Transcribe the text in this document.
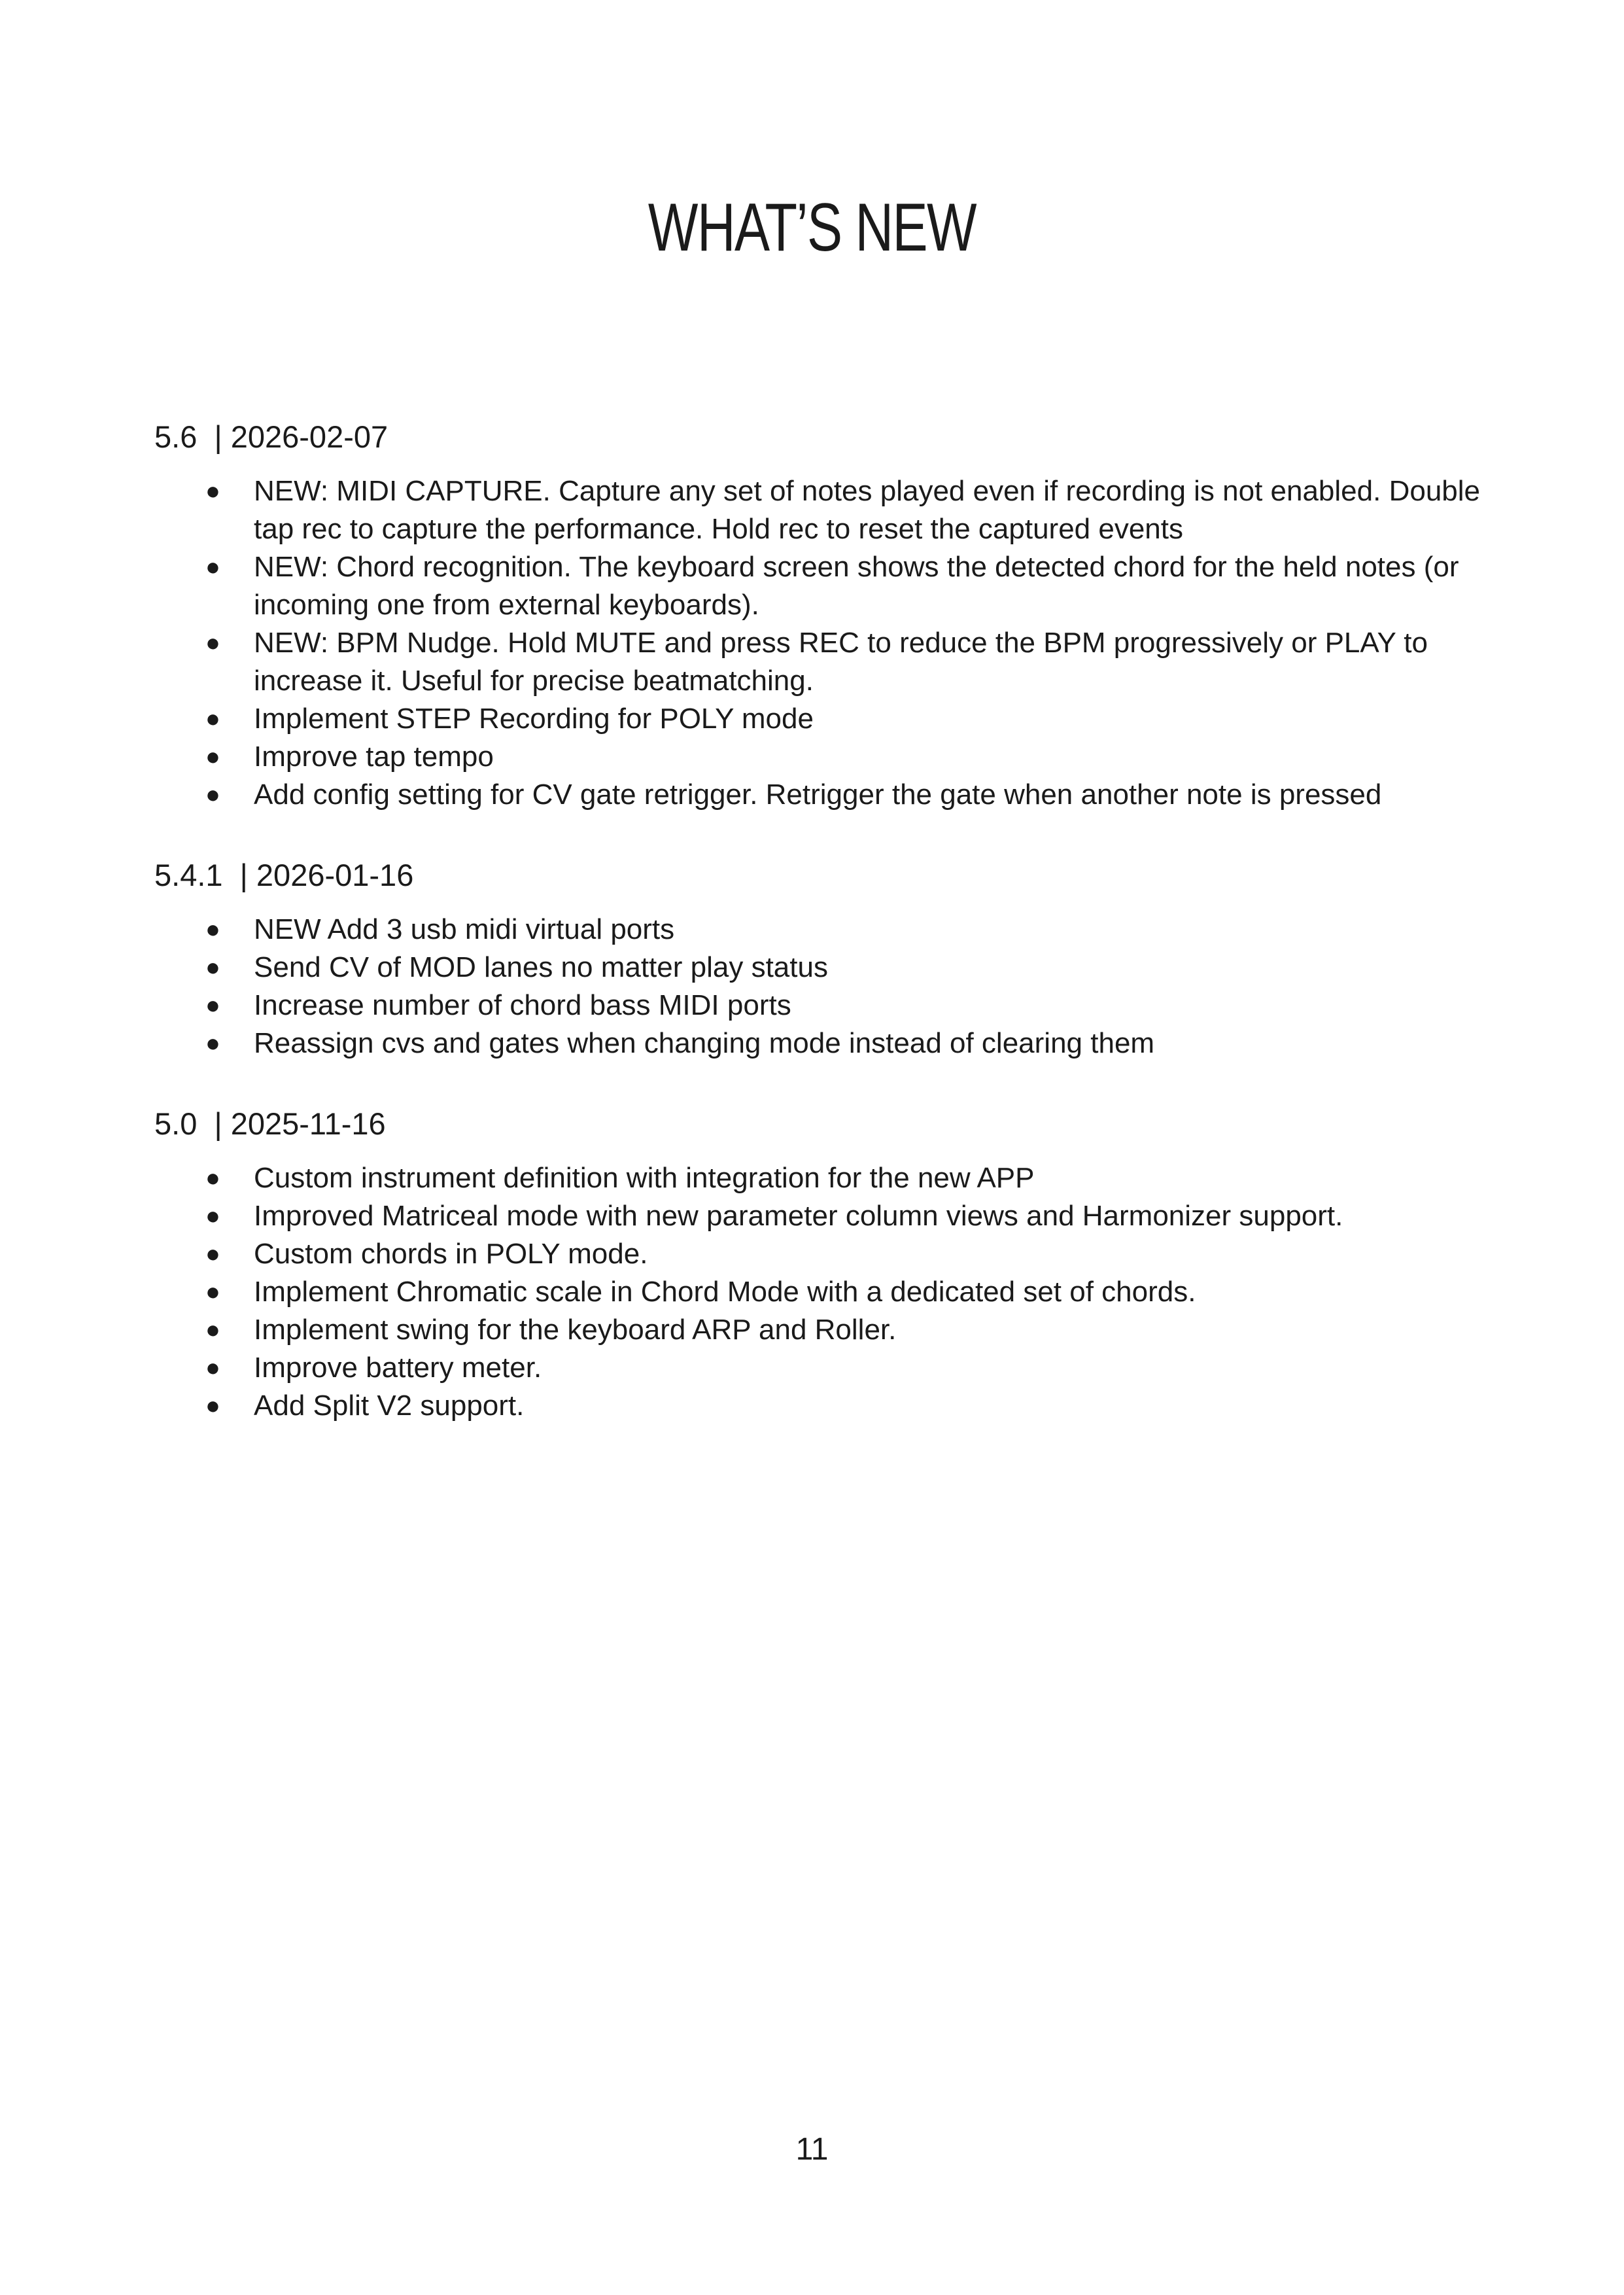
WHAT’S NEW
5.6  | 2026-02-07
● NEW: MIDI CAPTURE. Capture any set of notes played even if recording is not enabled. Double tap rec to capture the performance. Hold rec to reset the captured events
● NEW: Chord recognition. The keyboard screen shows the detected chord for the held notes (or incoming one from external keyboards).
● NEW: BPM Nudge. Hold MUTE and press REC to reduce the BPM progressively or PLAY to increase it. Useful for precise beatmatching.
● Implement STEP Recording for POLY mode
● Improve tap tempo
● Add config setting for CV gate retrigger. Retrigger the gate when another note is pressed
5.4.1  | 2026-01-16
● NEW Add 3 usb midi virtual ports
● Send CV of MOD lanes no matter play status
● Increase number of chord bass MIDI ports
● Reassign cvs and gates when changing mode instead of clearing them
5.0  | 2025-11-16
● Custom instrument definition with integration for the new APP
● Improved Matriceal mode with new parameter column views and Harmonizer support.
● Custom chords in POLY mode.
● Implement Chromatic scale in Chord Mode with a dedicated set of chords.
● Implement swing for the keyboard ARP and Roller.
● Improve battery meter.
● Add Split V2 support.
11
